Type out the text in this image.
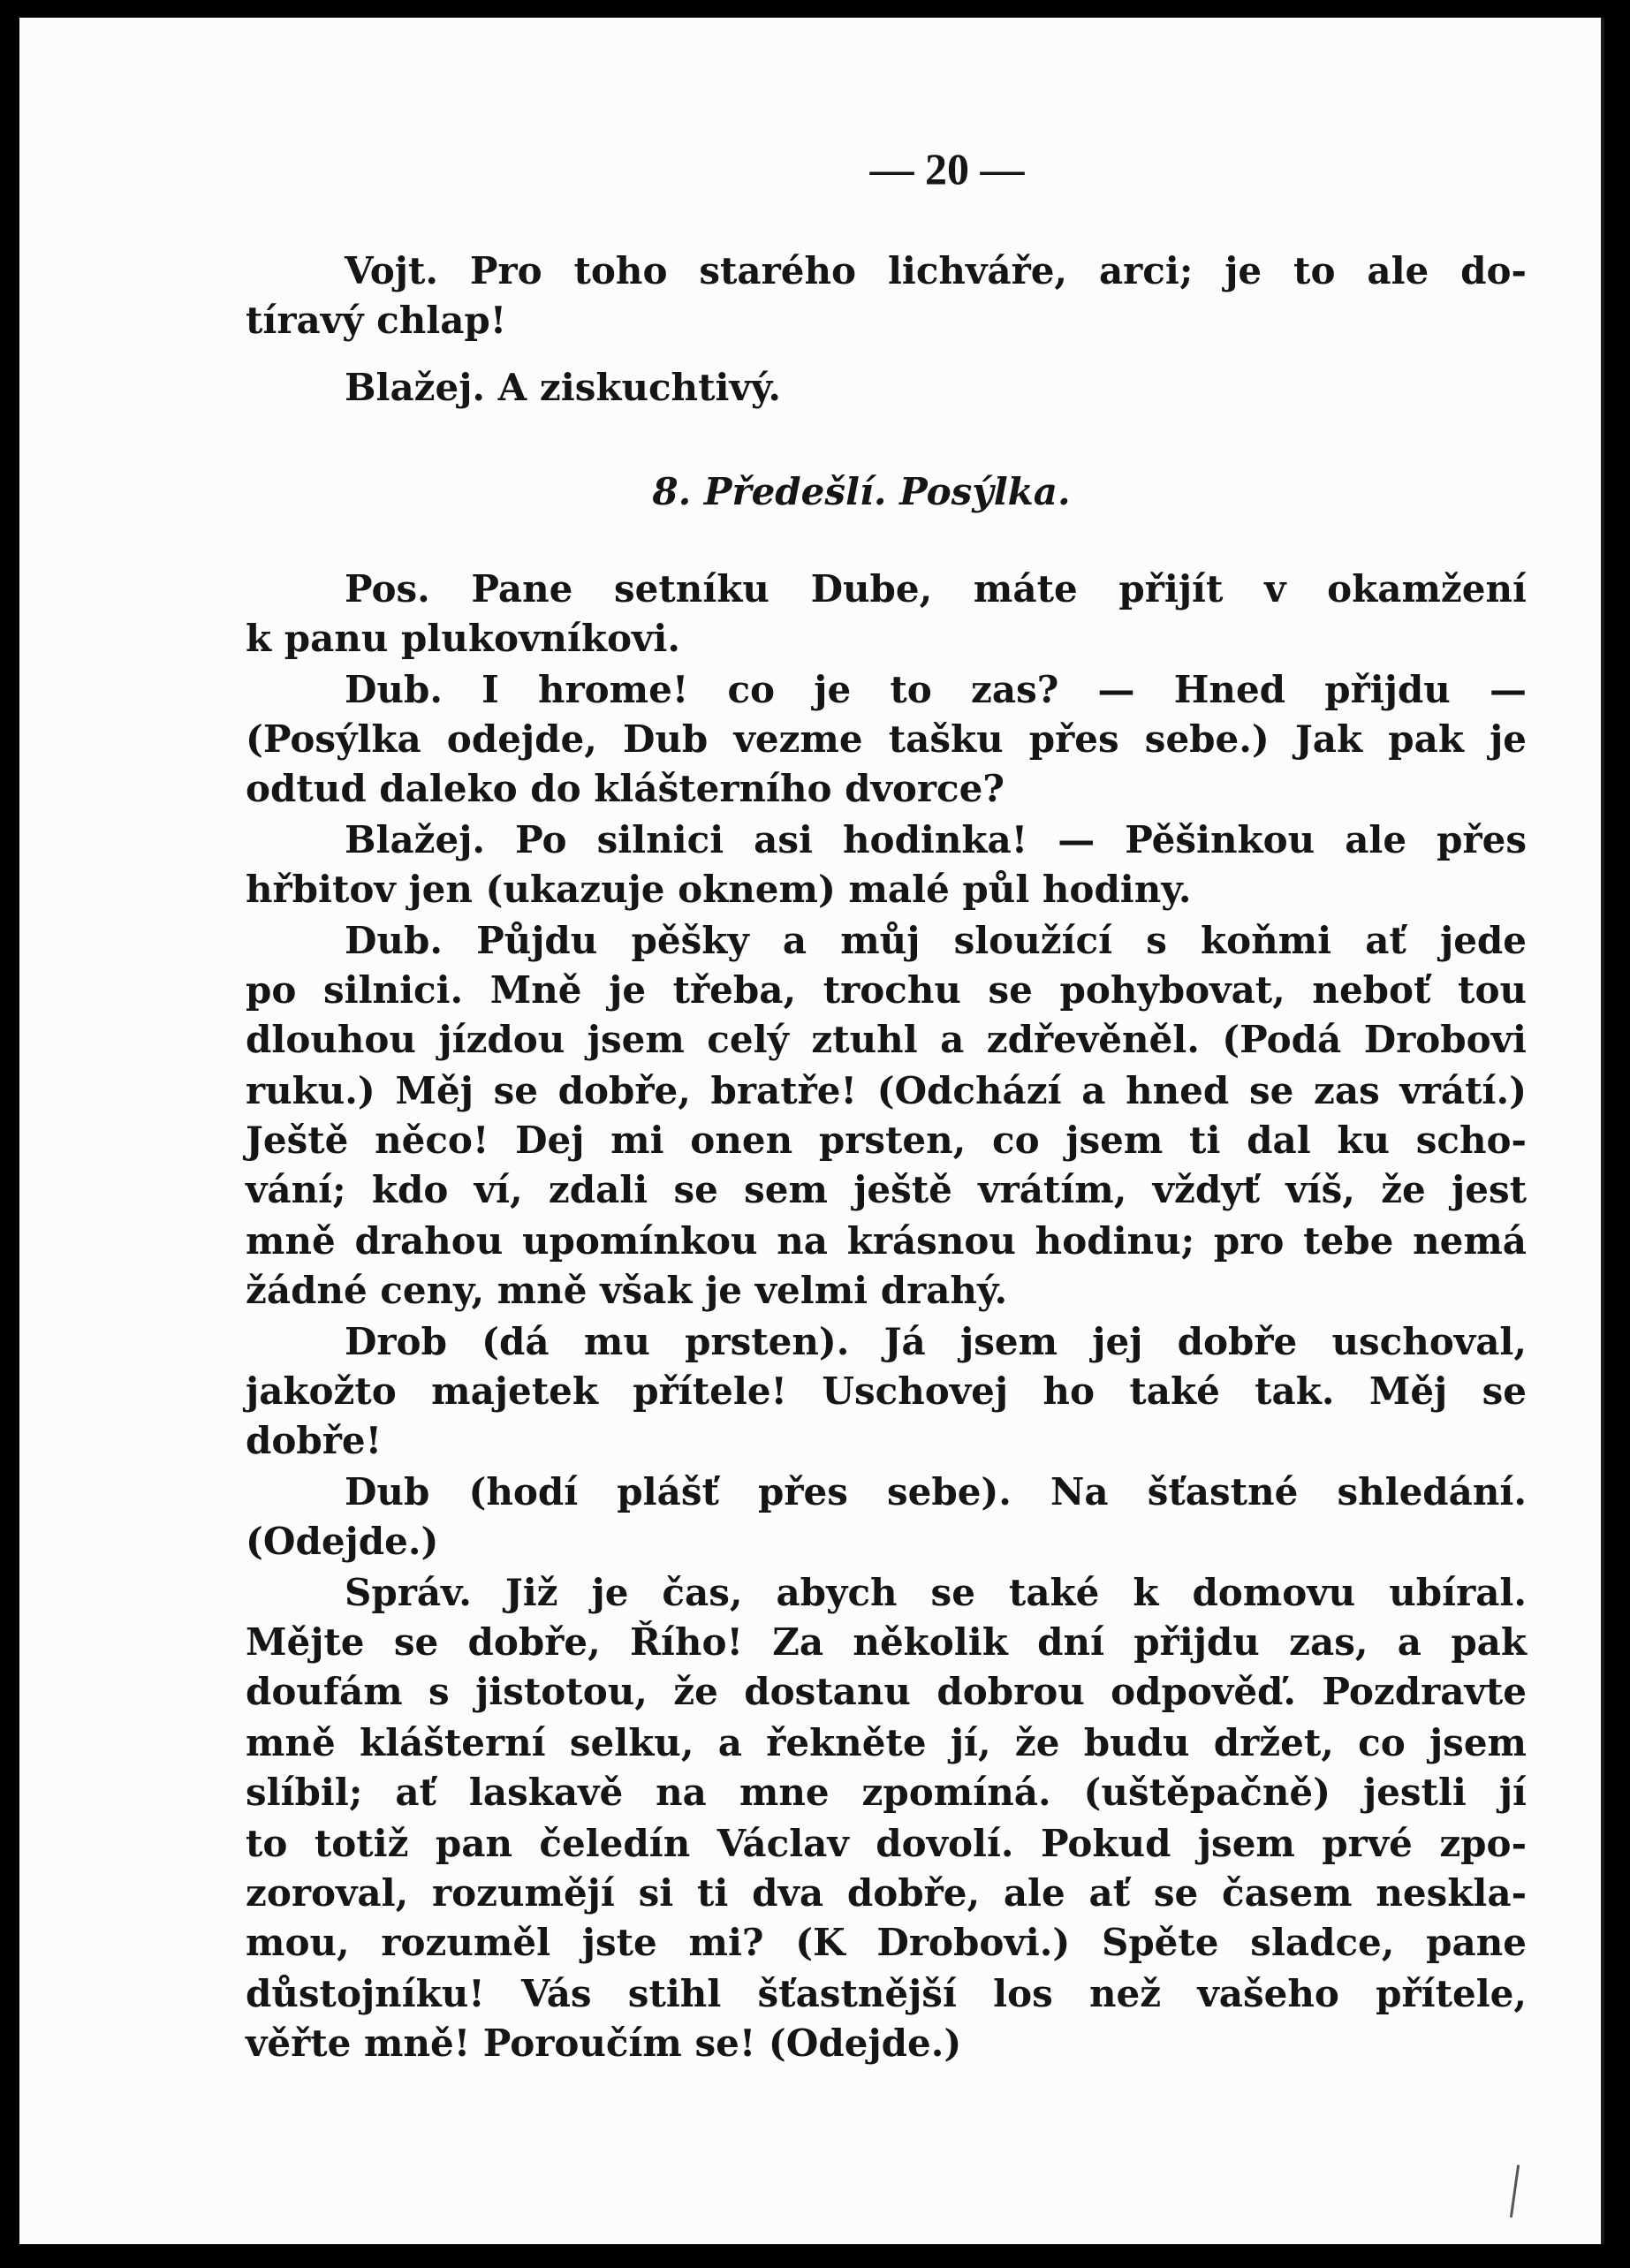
— 20 —
Vojt. Pro toho starého lichváře, arci; je to ale do-
tíravý chlap!
Blažej. A ziskuchtivý.
8. Předešlí. Posýlka.
Pos. Pane setníku Dube, máte přijít v okamžení
k panu plukovníkovi.
Dub. I hrome! co je to zas? — Hned přijdu —
(Posýlka odejde, Dub vezme tašku přes sebe.) Jak pak je
odtud daleko do klášterního dvorce?
Blažej. Po silnici asi hodinka! — Pěšinkou ale přes
hřbitov jen (ukazuje oknem) malé půl hodiny.
Dub. Půjdu pěšky a můj sloužící s koňmi ať jede
po silnici. Mně je třeba, trochu se pohybovat, neboť tou
dlouhou jízdou jsem celý ztuhl a zdřevěněl. (Podá Drobovi
ruku.) Měj se dobře, bratře! (Odchází a hned se zas vrátí.)
Ještě něco! Dej mi onen prsten, co jsem ti dal ku scho-
vání; kdo ví, zdali se sem ještě vrátím, vždyť víš, že jest
mně drahou upomínkou na krásnou hodinu; pro tebe nemá
žádné ceny, mně však je velmi drahý.
Drob (dá mu prsten). Já jsem jej dobře uschoval,
jakožto majetek přítele! Uschovej ho také tak. Měj se
dobře!
Dub (hodí plášť přes sebe). Na šťastné shledání.
(Odejde.)
Správ. Již je čas, abych se také k domovu ubíral.
Mějte se dobře, Řího! Za několik dní přijdu zas, a pak
doufám s jistotou, že dostanu dobrou odpověď. Pozdravte
mně klášterní selku, a řekněte jí, že budu držet, co jsem
slíbil; ať laskavě na mne zpomíná. (uštěpačně) jestli jí
to totiž pan čeledín Václav dovolí. Pokud jsem prvé zpo-
zoroval, rozumějí si ti dva dobře, ale ať se časem neskla-
mou, rozuměl jste mi? (K Drobovi.) Spěte sladce, pane
důstojníku! Vás stihl šťastnější los než vašeho přítele,
věřte mně! Poroučím se! (Odejde.)
